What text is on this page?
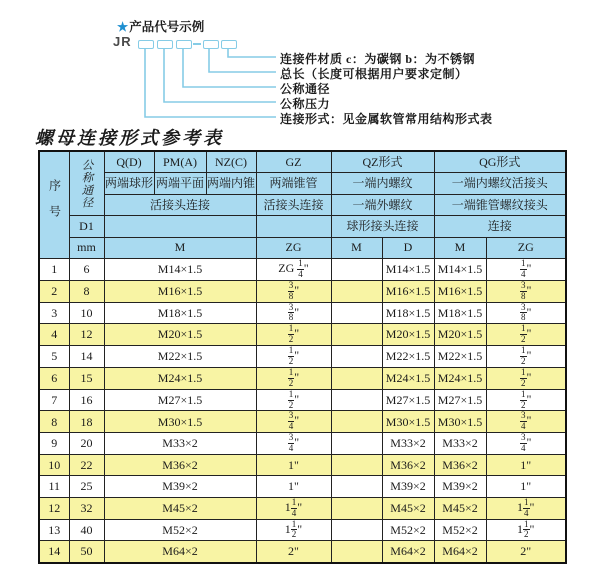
★产品代号示例
JR
连接件材质 c：为碳钢 b：为不锈钢
总长（长度可根据用户要求定制）
公称通径
公称压力
连接形式：见金属软管常用结构形式表
螺母连接形式参考表
序号	公称通径	Q(D)	PM(A)	NZ(C)	GZ	QZ形式		QG形式	
		两端球形	两端平面	两端内锥	两端锥管	一端内螺纹		一端内螺纹活接头	
		活接头连接			活接头连接	一端外螺纹		一端锥管螺纹接头	
	D1					球形接头连接		连接	
	mm	M			ZG	M	D	M	ZG
1	6	M14×1.5			ZG $\frac{1}{4}$ "		M14×1.5	M14×1.5	$\frac{1}{4}$ "
2	8	M16×1.5			$\frac{3}{8}$ "		M16×1.5	M16×1.5	$\frac{3}{8}$ "
3	10	M18×1.5			$\frac{3}{8}$ "		M18×1.5	M18×1.5	$\frac{3}{8}$ "
4	12	M20×1.5			$\frac{1}{2}$ "		M20×1.5	M20×1.5	$\frac{1}{2}$ "
5	14	M22×1.5			$\frac{1}{2}$ "		M22×1.5	M22×1.5	$\frac{1}{2}$ "
6	15	M24×1.5			$\frac{1}{2}$ "		M24×1.5	M24×1.5	$\frac{1}{2}$ "
7	16	M27×1.5			$\frac{1}{2}$ "		M27×1.5	M27×1.5	$\frac{1}{2}$ "
8	18	M30×1.5			$\frac{3}{4}$ "		M30×1.5	M30×1.5	$\frac{3}{4}$ "
9	20	M33×2			$\frac{3}{4}$ "		M33×2	M33×2	$\frac{3}{4}$ "
10	22	M36×2			1"		M36×2	M36×2	1"
11	25	M39×2			1"		M39×2	M39×2	1"
12	32	M45×2			$1 \frac{1}{4}$ "		M45×2	M45×2	$1 \frac{1}{4}$ "
13	40	M52×2			$1 \frac{1}{2}$ "		M52×2	M52×2	$1 \frac{1}{2}$ "
14	50	M64×2			2"		M64×2	M64×2	2"
